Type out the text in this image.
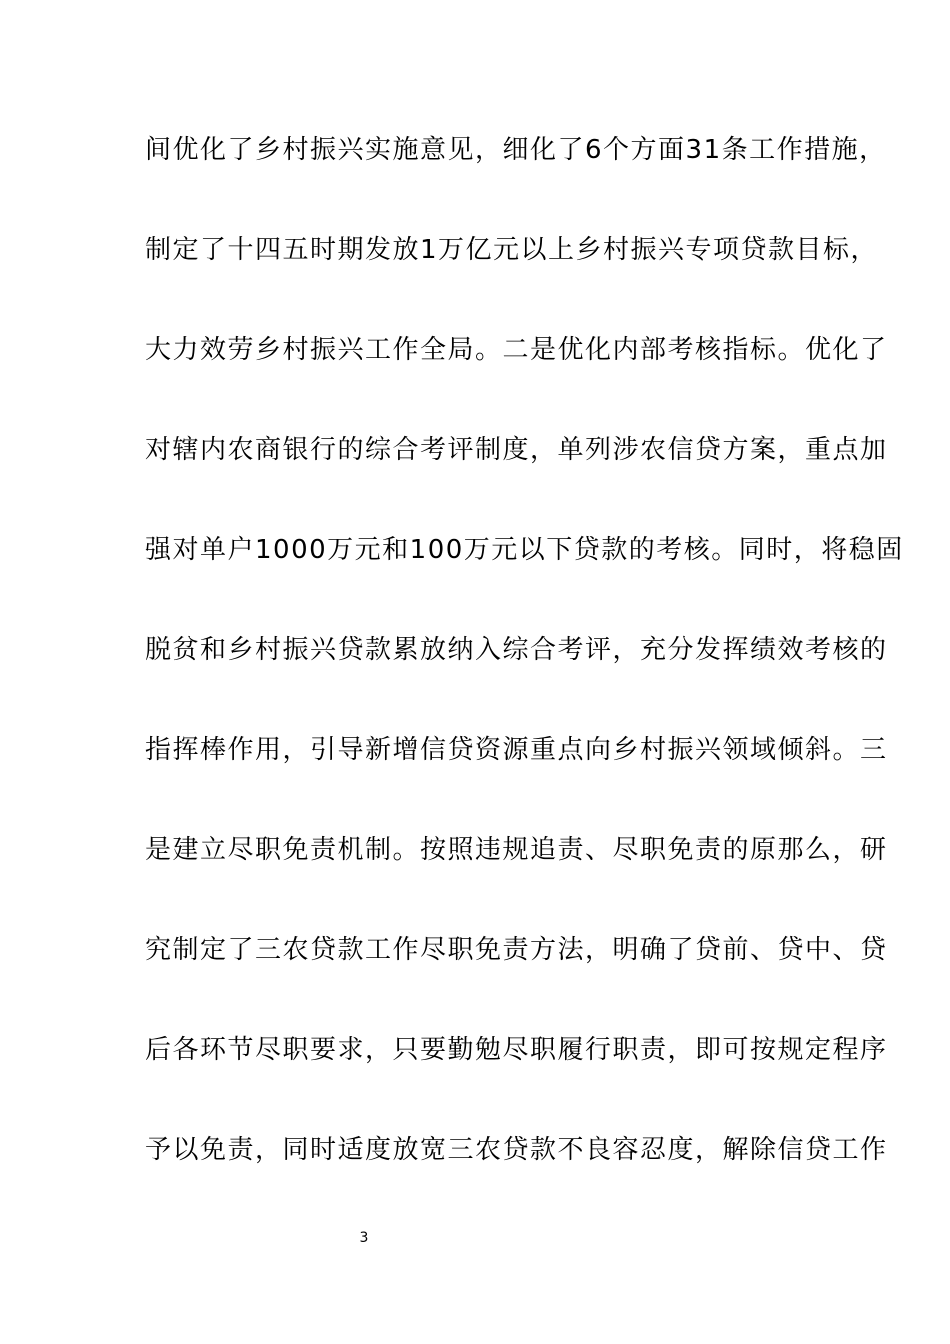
间优化了乡村振兴实施意见，细化了6个方面31条工作措施，
制定了十四五时期发放1万亿元以上乡村振兴专项贷款目标，
大力效劳乡村振兴工作全局。二是优化内部考核指标。优化了
对辖内农商银行的综合考评制度，单列涉农信贷方案，重点加
强对单户1000万元和100万元以下贷款的考核。同时，将稳固
脱贫和乡村振兴贷款累放纳入综合考评，充分发挥绩效考核的
指挥棒作用，引导新增信贷资源重点向乡村振兴领域倾斜。三
是建立尽职免责机制。按照违规追责、尽职免责的原那么，研
究制定了三农贷款工作尽职免责方法，明确了贷前、贷中、贷
后各环节尽职要求，只要勤勉尽职履行职责，即可按规定程序
予以免责，同时适度放宽三农贷款不良容忍度，解除信贷工作
3
